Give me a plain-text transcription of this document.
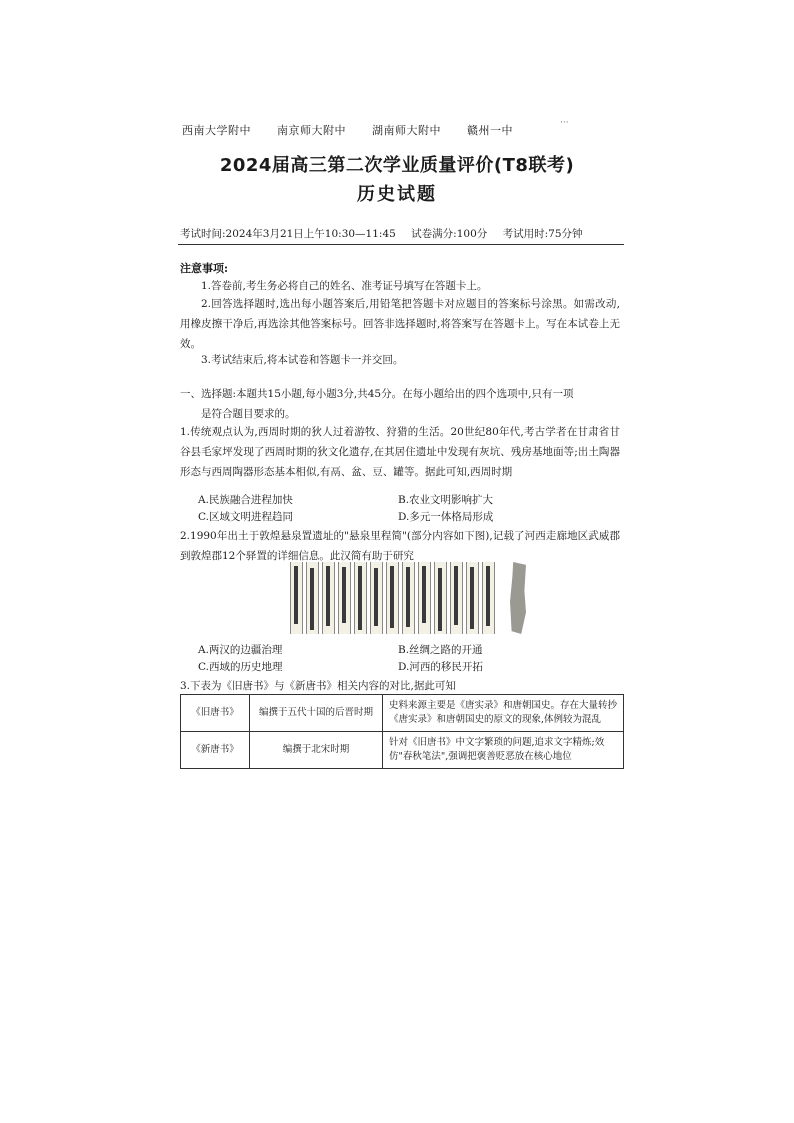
西南大学附中 南京师大附中 湖南师大附中 赣州一中
···
2024届高三第二次学业质量评价(T8联考)
历史试题
考试时间:2024年3月21日上午10:30—11:45 试卷满分:100分 考试用时:75分钟
注意事项:
1.答卷前,考生务必将自己的姓名、准考证号填写在答题卡上。
2.回答选择题时,选出每小题答案后,用铅笔把答题卡对应题目的答案标号涂黑。如需改动,用橡皮擦干净后,再选涂其他答案标号。回答非选择题时,将答案写在答题卡上。写在本试卷上无效。
3.考试结束后,将本试卷和答题卡一并交回。
一、选择题:本题共15小题,每小题3分,共45分。在每小题给出的四个选项中,只有一项
是符合题目要求的。
1.传统观点认为,西周时期的狄人过着游牧、狩猎的生活。20世纪80年代,考古学者在甘肃省甘谷县毛家坪发现了西周时期的狄文化遗存,在其居住遗址中发现有灰坑、残房基地面等;出土陶器形态与西周陶器形态基本相似,有鬲、盆、豆、罐等。据此可知,西周时期
A.民族融合进程加快	B.农业文明影响扩大
C.区域文明进程趋同	D.多元一体格局形成
2.1990年出土于敦煌悬泉置遗址的"悬泉里程简"(部分内容如下图),记载了河西走廊地区武威郡到敦煌郡12个驿置的详细信息。此汉简有助于研究
A.两汉的边疆治理	B.丝绸之路的开通
C.西域的历史地理	D.河西的移民开拓
3.下表为《旧唐书》与《新唐书》相关内容的对比,据此可知
《旧唐书》	编撰于五代十国的后晋时期	史料来源主要是《唐实录》和唐朝国史。存在大量转抄《唐实录》和唐朝国史的原文的现象,体例较为混乱
《新唐书》	编撰于北宋时期	针对《旧唐书》中文字繁琐的问题,追求文字精炼;效仿"春秋笔法",强调把褒善贬恶放在核心地位
